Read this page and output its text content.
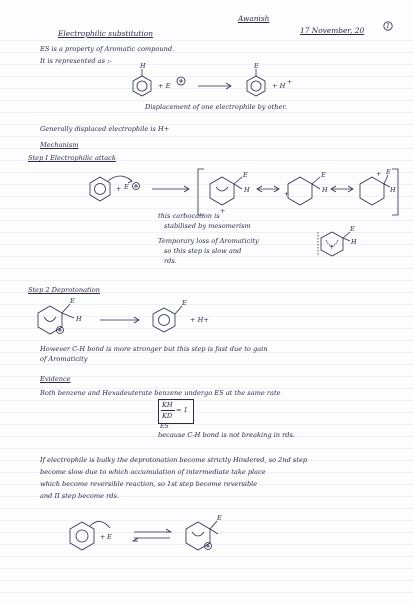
Electrophilic substitution
Awanish
17 November, 20	1
ES is a property of Aromatic compound.
It is represented as :-
H
+ E
E
+ H +
Displacement of one electrophile by other.
Generally displaced electrophile is H+
Mechanism
Step I Electrophilic attack
+ E
E
H
+
E
H
+
E
H
+
this carbocation is
stabilised by mesomerism
Temporary loss of Aromaticity
so this step is slow and
rds.
+
E
H
Step 2 Deprotonation
E
H
E
+ H+
However C-H bond is more stronger but this step is fast due to gain
of Aromaticity
Evidence
Both benzene and Hexadeuterate benzene undergo ES at the same rate
KH
KD
= 1
ES
because C-H bond is not breaking in rds.
If electrophile is bulky the deprotonation become strictly Hindered, so 2nd step
become slow due to which accumulation of intermediate take place
which become reversible reaction, so 1st step become reversible
and II step become rds.
+ E
E
